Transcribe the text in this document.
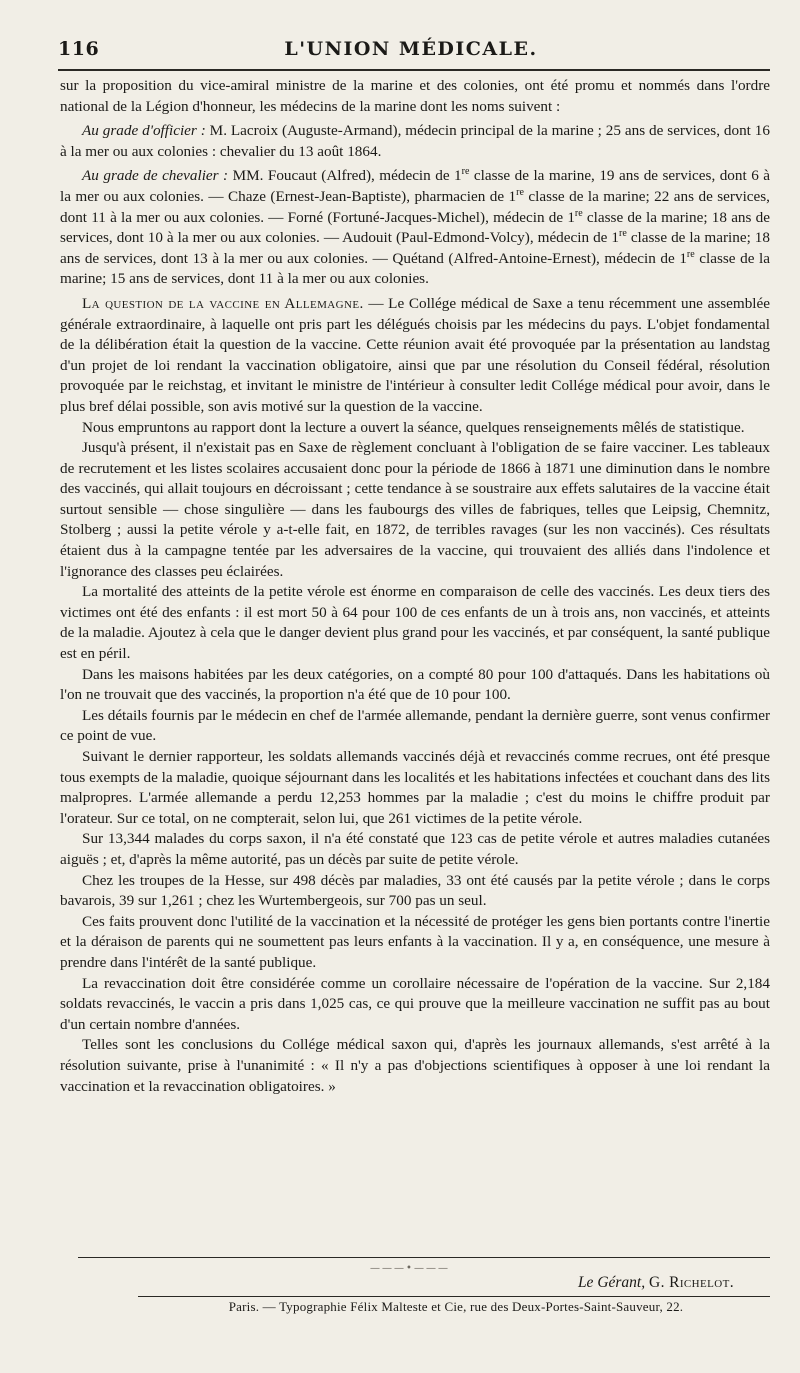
116	L'UNION MÉDICALE.

sur la proposition du vice-amiral ministre de la marine et des colonies, ont été promu et nommés dans l'ordre national de la Légion d'honneur, les médecins de la marine dont les noms suivent :

Au grade d'officier : M. Lacroix (Auguste-Armand), médecin principal de la marine ; 25 ans de services, dont 16 à la mer ou aux colonies : chevalier du 13 août 1864.

Au grade de chevalier : MM. Foucaut (Alfred), médecin de 1re classe de la marine, 19 ans de services, dont 6 à la mer ou aux colonies. — Chaze (Ernest-Jean-Baptiste), pharmacien de 1re classe de la marine; 22 ans de services, dont 11 à la mer ou aux colonies. — Forné (Fortuné-Jacques-Michel), médecin de 1re classe de la marine; 18 ans de services, dont 10 à la mer ou aux colonies. — Audouit (Paul-Edmond-Volcy), médecin de 1re classe de la marine; 18 ans de services, dont 13 à la mer ou aux colonies. — Quétand (Alfred-Antoine-Ernest), médecin de 1re classe de la marine; 15 ans de services, dont 11 à la mer ou aux colonies.

La question de la vaccine en Allemagne. — Le Collége médical de Saxe a tenu récemment une assemblée générale extraordinaire, à laquelle ont pris part les délégués choisis par les médecins du pays. L'objet fondamental de la délibération était la question de la vaccine. Cette réunion avait été provoquée par la présentation au landstag d'un projet de loi rendant la vaccination obligatoire, ainsi que par une résolution du Conseil fédéral, résolution provoquée par le reichstag, et invitant le ministre de l'intérieur à consulter ledit Collége médical pour avoir, dans le plus bref délai possible, son avis motivé sur la question de la vaccine.

Nous empruntons au rapport dont la lecture a ouvert la séance, quelques renseignements mêlés de statistique.

Jusqu'à présent, il n'existait pas en Saxe de règlement concluant à l'obligation de se faire vacciner. Les tableaux de recrutement et les listes scolaires accusaient donc pour la période de 1866 à 1871 une diminution dans le nombre des vaccinés, qui allait toujours en décroissant ; cette tendance à se soustraire aux effets salutaires de la vaccine était surtout sensible — chose singulière — dans les faubourgs des villes de fabriques, telles que Leipsig, Chemnitz, Stolberg ; aussi la petite vérole y a-t-elle fait, en 1872, de terribles ravages (sur les non vaccinés). Ces résultats étaient dus à la campagne tentée par les adversaires de la vaccine, qui trouvaient des alliés dans l'indolence et l'ignorance des classes peu éclairées.

La mortalité des atteints de la petite vérole est énorme en comparaison de celle des vaccinés. Les deux tiers des victimes ont été des enfants : il est mort 50 à 64 pour 100 de ces enfants de un à trois ans, non vaccinés, et atteints de la maladie. Ajoutez à cela que le danger devient plus grand pour les vaccinés, et par conséquent, la santé publique est en péril.

Dans les maisons habitées par les deux catégories, on a compté 80 pour 100 d'attaqués. Dans les habitations où l'on ne trouvait que des vaccinés, la proportion n'a été que de 10 pour 100.

Les détails fournis par le médecin en chef de l'armée allemande, pendant la dernière guerre, sont venus confirmer ce point de vue.

Suivant le dernier rapporteur, les soldats allemands vaccinés déjà et revaccinés comme recrues, ont été presque tous exempts de la maladie, quoique séjournant dans les localités et les habitations infectées et couchant dans des lits malpropres. L'armée allemande a perdu 12,253 hommes par la maladie ; c'est du moins le chiffre produit par l'orateur. Sur ce total, on ne compterait, selon lui, que 261 victimes de la petite vérole.

Sur 13,344 malades du corps saxon, il n'a été constaté que 123 cas de petite vérole et autres maladies cutanées aiguës ; et, d'après la même autorité, pas un décès par suite de petite vérole.

Chez les troupes de la Hesse, sur 498 décès par maladies, 33 ont été causés par la petite vérole ; dans le corps bavarois, 39 sur 1,261 ; chez les Wurtembergeois, sur 700 pas un seul.

Ces faits prouvent donc l'utilité de la vaccination et la nécessité de protéger les gens bien portants contre l'inertie et la déraison de parents qui ne soumettent pas leurs enfants à la vaccination. Il y a, en conséquence, une mesure à prendre dans l'intérêt de la santé publique.

La revaccination doit être considérée comme un corollaire nécessaire de l'opération de la vaccine. Sur 2,184 soldats revaccinés, le vaccin a pris dans 1,025 cas, ce qui prouve que la meilleure vaccination ne suffit pas au bout d'un certain nombre d'années.

Telles sont les conclusions du Collége médical saxon qui, d'après les journaux allemands, s'est arrêté à la résolution suivante, prise à l'unanimité : « Il n'y a pas d'objections scientifiques à opposer à une loi rendant la vaccination et la revaccination obligatoires. »

———•———
Le Gérant, G. Richelot.
Paris. — Typographie Félix Malteste et Cie, rue des Deux-Portes-Saint-Sauveur, 22.
